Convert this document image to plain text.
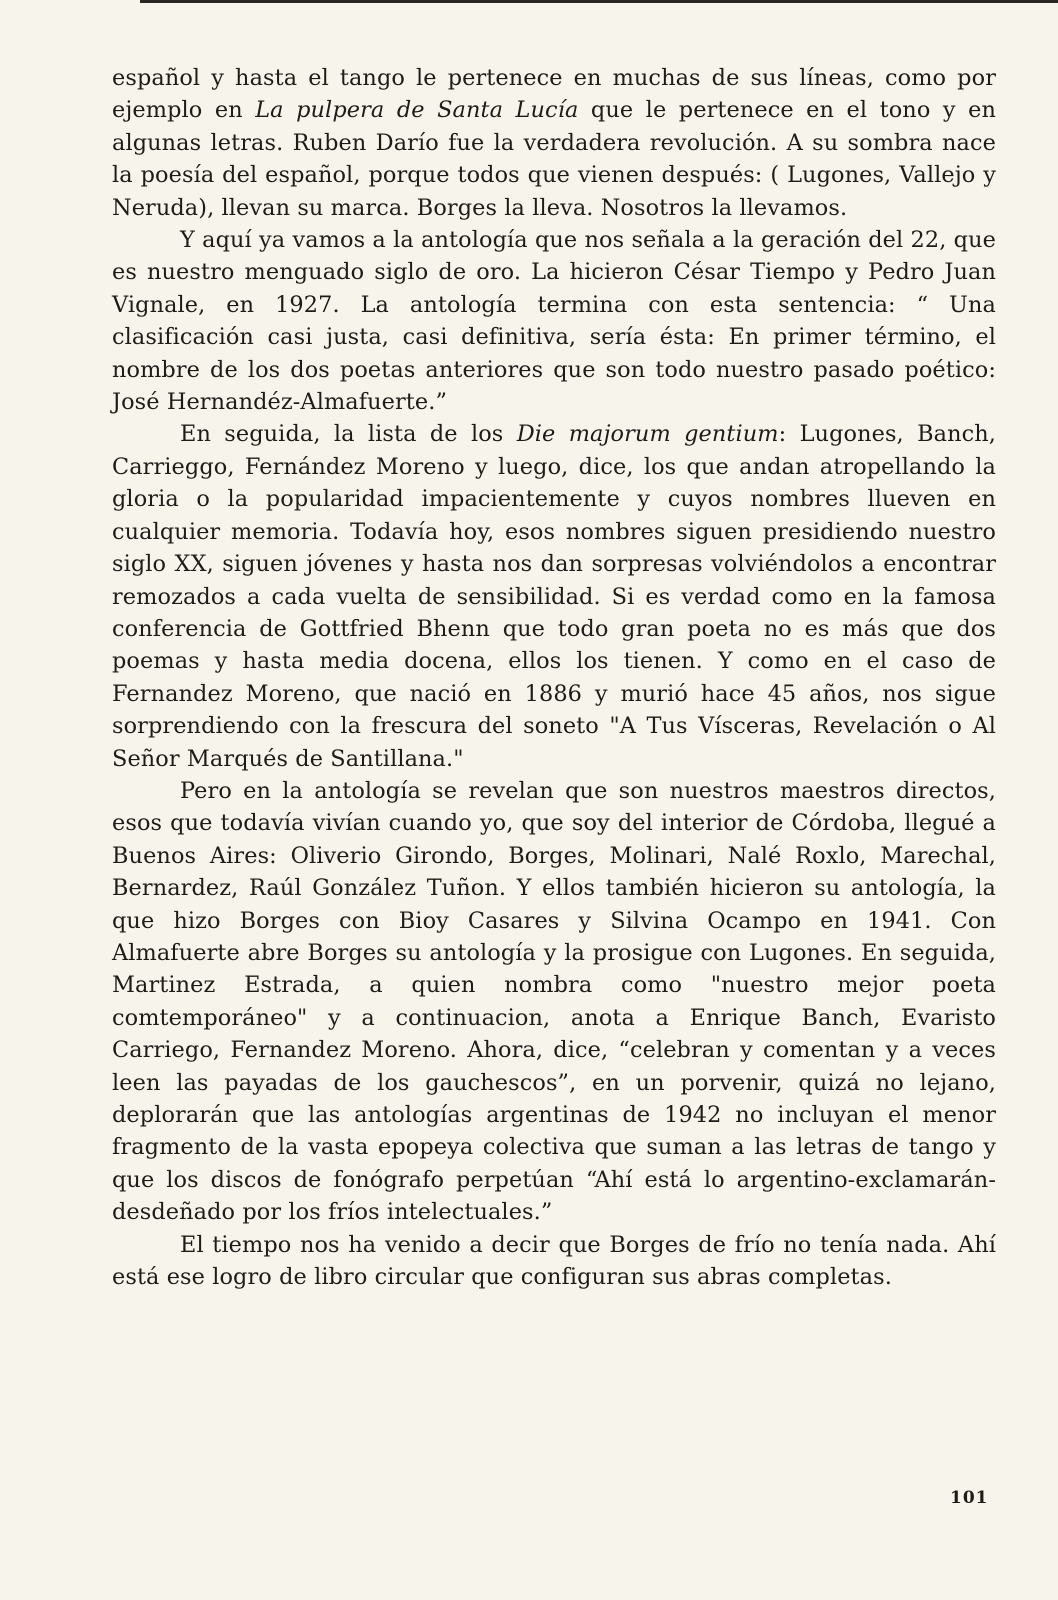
español y hasta el tango le pertenece en muchas de sus líneas, como por ejemplo en La pulpera de Santa Lucía que le pertenece en el tono y en algunas letras. Ruben Darío fue la verdadera revolución. A su sombra nace la poesía del español, porque todos que vienen después: ( Lugones, Vallejo y Neruda), llevan su marca. Borges la lleva. Nosotros la llevamos.

Y aquí ya vamos a la antología que nos señala a la geración del 22, que es nuestro menguado siglo de oro. La hicieron César Tiempo y Pedro Juan Vignale, en 1927. La antología termina con esta sentencia: “ Una clasificación casi justa, casi definitiva, sería ésta: En primer término, el nombre de los dos poetas anteriores que son todo nuestro pasado poético: José Hernandéz-Almafuerte.”

En seguida, la lista de los Die majorum gentium: Lugones, Banch, Carrieggo, Fernández Moreno y luego, dice, los que andan atropellando la gloria o la popularidad impacientemente y cuyos nombres llueven en cualquier memoria. Todavía hoy, esos nombres siguen presidiendo nuestro siglo XX, siguen jóvenes y hasta nos dan sorpresas volviéndolos a encontrar remozados a cada vuelta de sensibilidad. Si es verdad como en la famosa conferencia de Gottfried Bhenn que todo gran poeta no es más que dos poemas y hasta media docena, ellos los tienen. Y como en el caso de Fernandez Moreno, que nació en 1886 y murió hace 45 años, nos sigue sorprendiendo con la frescura del soneto "A Tus Vísceras, Revelación o Al Señor Marqués de Santillana."

Pero en la antología se revelan que son nuestros maestros directos, esos que todavía vivían cuando yo, que soy del interior de Córdoba, llegué a Buenos Aires: Oliverio Girondo, Borges, Molinari, Nalé Roxlo, Marechal, Bernardez, Raúl González Tuñon. Y ellos también hicieron su antología, la que hizo Borges con Bioy Casares y Silvina Ocampo en 1941. Con Almafuerte abre Borges su antología y la prosigue con Lugones. En seguida, Martinez Estrada, a quien nombra como "nuestro mejor poeta comtemporáneo" y a continuacion, anota a Enrique Banch, Evaristo Carriego, Fernandez Moreno. Ahora, dice, “celebran y comentan y a veces leen las payadas de los gauchescos”, en un porvenir, quizá no lejano, deplorarán que las antologías argentinas de 1942 no incluyan el menor fragmento de la vasta epopeya colectiva que suman a las letras de tango y que los discos de fonógrafo perpetúan “Ahí está lo argentino-exclamarán-desdeñado por los fríos intelectuales.”

El tiempo nos ha venido a decir que Borges de frío no tenía nada. Ahí está ese logro de libro circular que configuran sus abras completas.

101
